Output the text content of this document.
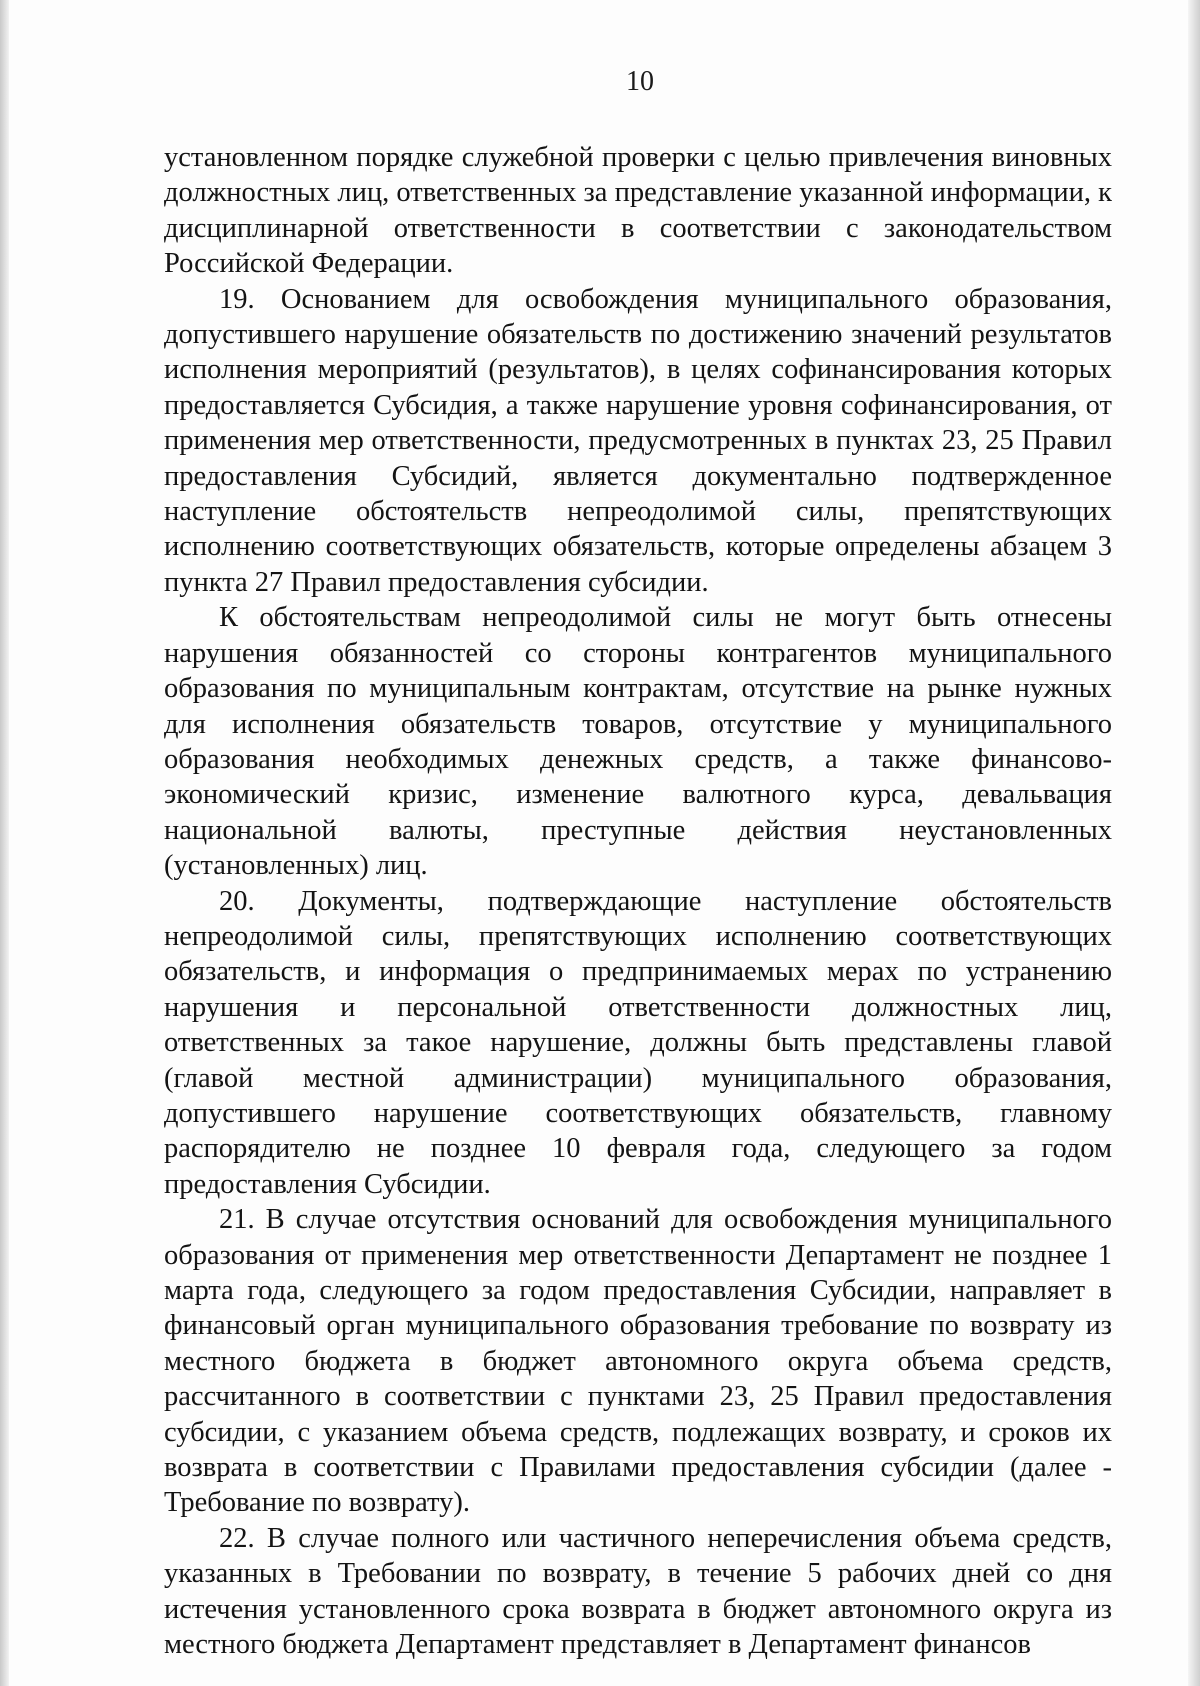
10

установленном порядке служебной проверки с целью привлечения виновных должностных лиц, ответственных за представление указанной информации, к дисциплинарной ответственности в соответствии с законодательством Российской Федерации.

19. Основанием для освобождения муниципального образования, допустившего нарушение обязательств по достижению значений результатов исполнения мероприятий (результатов), в целях софинансирования которых предоставляется Субсидия, а также нарушение уровня софинансирования, от применения мер ответственности, предусмотренных в пунктах 23, 25 Правил предоставления Субсидий, является документально подтвержденное наступление обстоятельств непреодолимой силы, препятствующих исполнению соответствующих обязательств, которые определены абзацем 3 пункта 27 Правил предоставления субсидии.

К обстоятельствам непреодолимой силы не могут быть отнесены нарушения обязанностей со стороны контрагентов муниципального образования по муниципальным контрактам, отсутствие на рынке нужных для исполнения обязательств товаров, отсутствие у муниципального образования необходимых денежных средств, а также финансово-экономический кризис, изменение валютного курса, девальвация национальной валюты, преступные действия неустановленных (установленных) лиц.

20. Документы, подтверждающие наступление обстоятельств непреодолимой силы, препятствующих исполнению соответствующих обязательств, и информация о предпринимаемых мерах по устранению нарушения и персональной ответственности должностных лиц, ответственных за такое нарушение, должны быть представлены главой (главой местной администрации) муниципального образования, допустившего нарушение соответствующих обязательств, главному распорядителю не позднее 10 февраля года, следующего за годом предоставления Субсидии.

21. В случае отсутствия оснований для освобождения муниципального образования от применения мер ответственности Департамент не позднее 1 марта года, следующего за годом предоставления Субсидии, направляет в финансовый орган муниципального образования требование по возврату из местного бюджета в бюджет автономного округа объема средств, рассчитанного в соответствии с пунктами 23, 25 Правил предоставления субсидии, с указанием объема средств, подлежащих возврату, и сроков их возврата в соответствии с Правилами предоставления субсидии (далее - Требование по возврату).

22. В случае полного или частичного неперечисления объема средств, указанных в Требовании по возврату, в течение 5 рабочих дней со дня истечения установленного срока возврата в бюджет автономного округа из местного бюджета Департамент представляет в Департамент финансов
